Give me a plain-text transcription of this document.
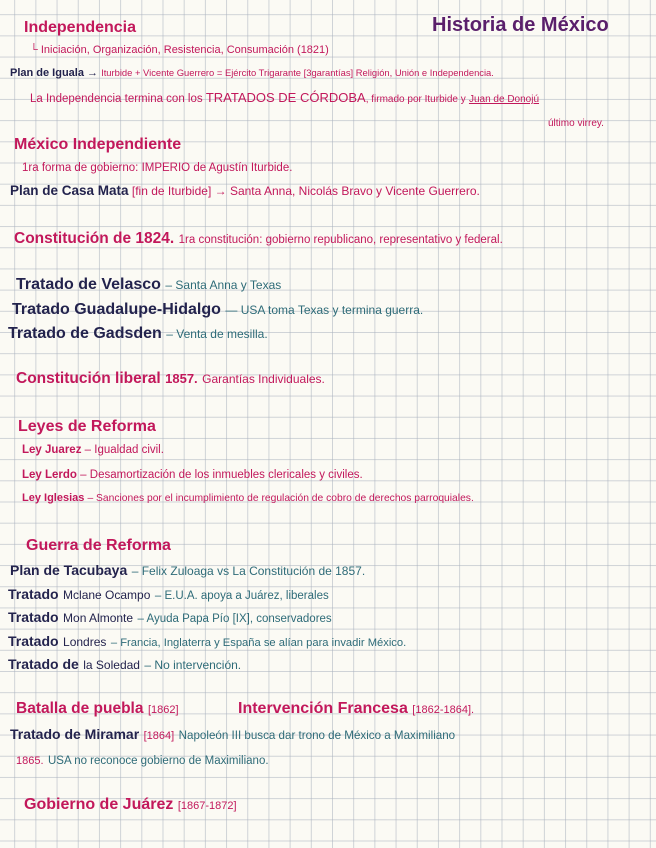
Historia de México
Independencia
└ Iniciación, Organización, Resistencia, Consumación (1821)
Plan de Iguala → Iturbide + Vicente Guerrero = Ejército Trigarante [3garantías] Religión, Unión e Independencia.
La Independencia termina con los TRATADOS DE CÓRDOBA, firmado por Iturbide y Juan de Donojú
último virrey.
México Independiente
1ra forma de gobierno: IMPERIO de Agustín Iturbide.
Plan de Casa Mata [fin de Iturbide] → Santa Anna, Nicolás Bravo y Vicente Guerrero.
Constitución de 1824. 1ra constitución: gobierno republicano, representativo y federal.
Tratado de Velasco – Santa Anna y Texas
Tratado Guadalupe-Hidalgo — USA toma Texas y termina guerra.
Tratado de Gadsden – Venta de mesilla.
Constitución liberal 1857. Garantías Individuales.
Leyes de Reforma
Ley Juarez – Igualdad civil.
Ley Lerdo – Desamortización de los inmuebles clericales y civiles.
Ley Iglesias – Sanciones por el incumplimiento de regulación de cobro de derechos parroquiales.
Guerra de Reforma
Plan de Tacubaya – Felix Zuloaga vs La Constitución de 1857.
Tratado Mclane Ocampo – E.U.A. apoya a Juárez, liberales
Tratado Mon Almonte – Ayuda Papa Pío [IX], conservadores
Tratado Londres – Francia, Inglaterra y España se alían para invadir México.
Tratado de la Soledad – No intervención.
Batalla de puebla [1862]	Intervención Francesa [1862-1864].
Tratado de Miramar [1864] Napoleón III busca dar trono de México a Maximiliano
1865. USA no reconoce gobierno de Maximiliano.
Gobierno de Juárez [1867-1872]
